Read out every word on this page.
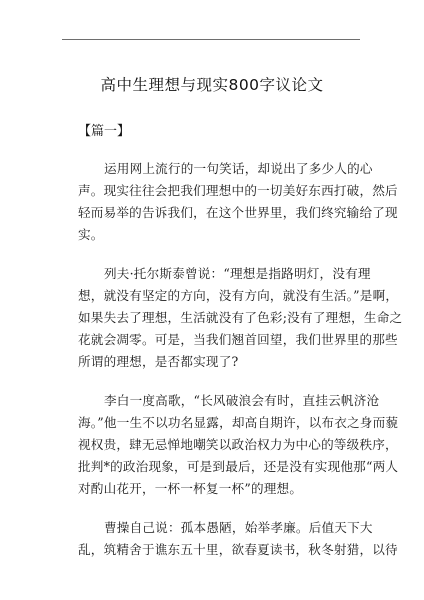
高中生理想与现实800字议论文
【篇一】
运用网上流行的一句笑话，却说出了多少人的心
声。现实往往会把我们理想中的一切美好东西打破，然后
轻而易举的告诉我们，在这个世界里，我们终究输给了现
实。
列夫·托尔斯泰曾说：“理想是指路明灯，没有理
想，就没有坚定的方向，没有方向，就没有生活。”是啊，
如果失去了理想，生活就没有了色彩;没有了理想，生命之
花就会凋零。可是，当我们翘首回望，我们世界里的那些
所谓的理想，是否都实现了?
李白一度高歌，“长风破浪会有时，直挂云帆济沧
海。”他一生不以功名显露，却高自期许，以布衣之身而藐
视权贵，肆无忌惮地嘲笑以政治权力为中心的等级秩序，
批判*的政治现象，可是到最后，还是没有实现他那“两人
对酌山花开，一杯一杯复一杯”的理想。
曹操自己说：孤本愚陋，始举孝廉。后值天下大
乱，筑精舍于谯东五十里，欲春夏读书，秋冬射猎，以待
